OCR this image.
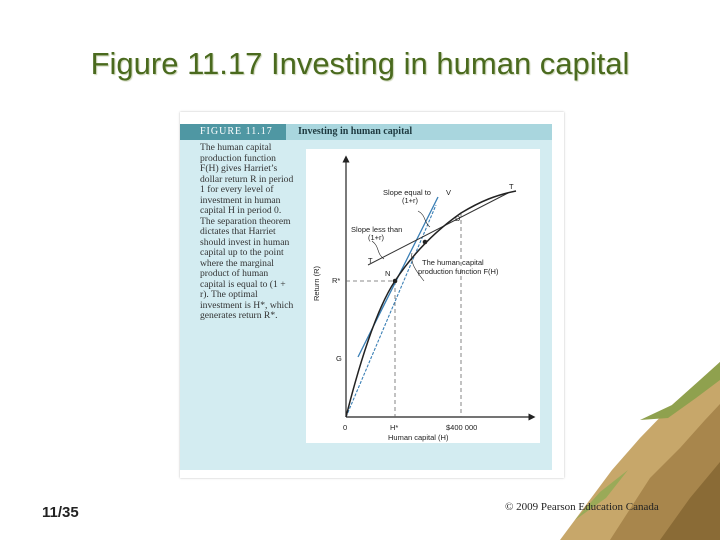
Figure 11.17 Investing in human capital
FIGURE 11.17	Investing in human capital
The human capital production function F(H) gives Harriet’s dollar return R in period 1 for every level of investment in human capital H in period 0. The separation theorem dictates that Harriet should invest in human capital up to the point where the marginal product of human capital is equal to (1 + r). The optimal investment is H*, which generates return R*.
Slope equal to
(1+r)
V
T
D
Slope less than
(1+r)
T
N
The human capital
production function F(H)
R*
G
0	H*	$400 000
Human capital (H)
Return (R)
11/35	© 2009 Pearson Education Canada
